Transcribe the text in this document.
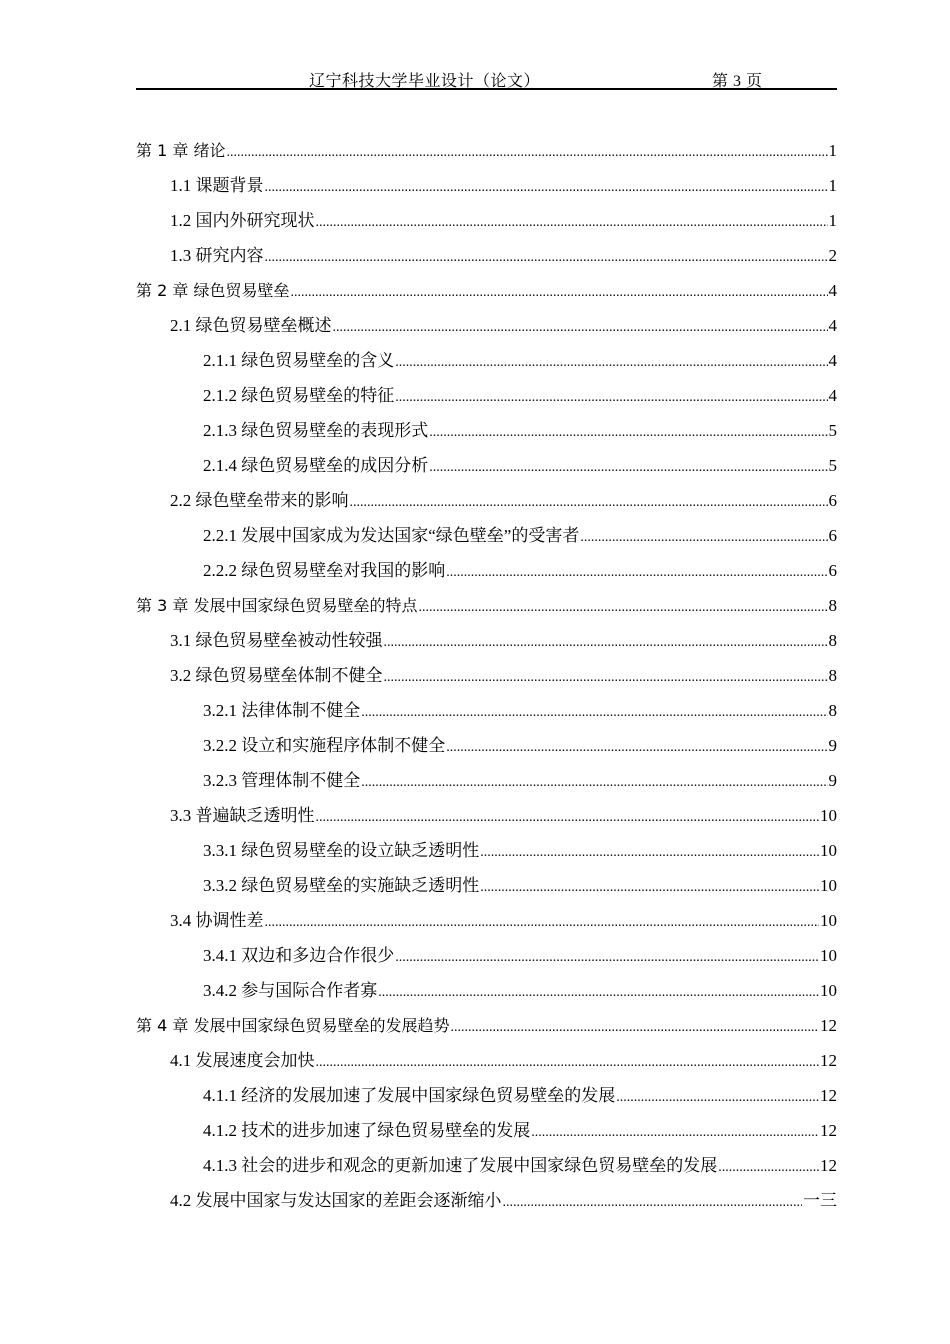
辽宁科技大学毕业设计（论文）	第 3 页
第 1 章 绪论 .....	1
1.1 课题背景 .....	1
1.2 国内外研究现状 .....	1
1.3 研究内容 .....	2
第 2 章 绿色贸易壁垒 .....	4
2.1 绿色贸易壁垒概述 .....	4
2.1.1 绿色贸易壁垒的含义 .....	4
2.1.2 绿色贸易壁垒的特征 .....	4
2.1.3 绿色贸易壁垒的表现形式 .....	5
2.1.4 绿色贸易壁垒的成因分析 .....	5
2.2 绿色壁垒带来的影响 .....	6
2.2.1 发展中国家成为发达国家“绿色壁垒”的受害者 .....	6
2.2.2 绿色贸易壁垒对我国的影响 .....	6
第 3 章 发展中国家绿色贸易壁垒的特点 .....	8
3.1 绿色贸易壁垒被动性较强 .....	8
3.2 绿色贸易壁垒体制不健全 .....	8
3.2.1 法律体制不健全 .....	8
3.2.2 设立和实施程序体制不健全 .....	9
3.2.3 管理体制不健全 .....	9
3.3 普遍缺乏透明性 .....	10
3.3.1 绿色贸易壁垒的设立缺乏透明性 .....	10
3.3.2 绿色贸易壁垒的实施缺乏透明性 .....	10
3.4 协调性差 .....	10
3.4.1 双边和多边合作很少 .....	10
3.4.2 参与国际合作者寡 .....	10
第 4 章 发展中国家绿色贸易壁垒的发展趋势 .....	12
4.1 发展速度会加快 .....	12
4.1.1 经济的发展加速了发展中国家绿色贸易壁垒的发展 .....	12
4.1.2 技术的进步加速了绿色贸易壁垒的发展 .....	12
4.1.3 社会的进步和观念的更新加速了发展中国家绿色贸易壁垒的发展 .....	12
4.2 发展中国家与发达国家的差距会逐渐缩小 .....	一三
